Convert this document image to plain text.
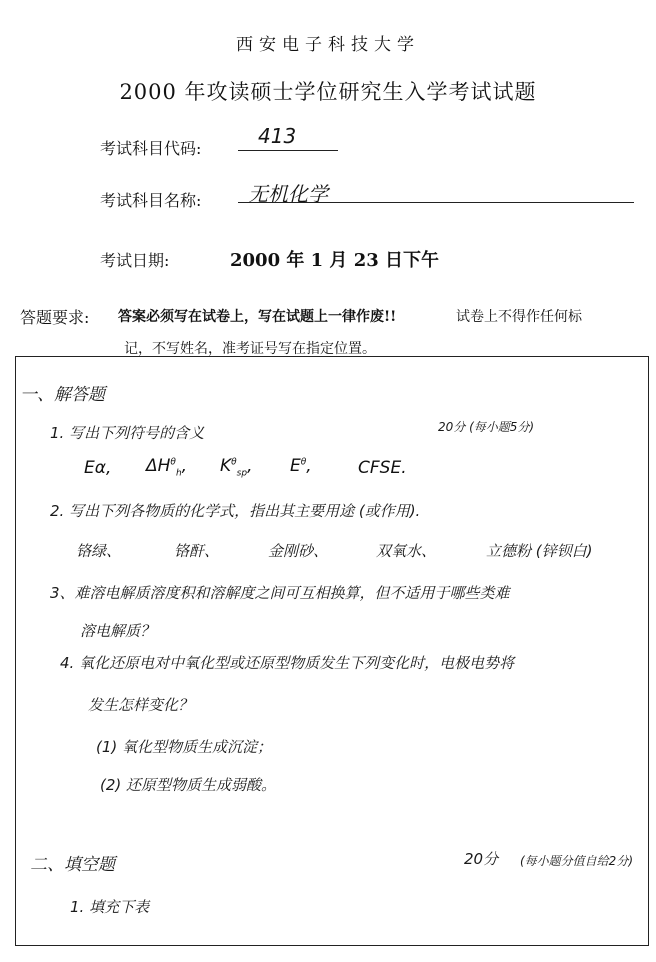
西安电子科技大学
2000 年攻读硕士学位研究生入学考试试题
考试科目代码:
413
考试科目名称: 无机化学
考试日期:	2000 年 1 月 23 日下午
答题要求: 答案必须写在试卷上，写在试题上一律作废!!	试卷上不得作任何标
记，不写姓名，准考证号写在指定位置。
一、解答题
1. 写出下列符号的含义	20分 (每小题5分)
Eα, $\Delta H^\theta_h$, $K^\theta_{sp}$, $E^\theta$,	CFSE.
2. 写出下列各物质的化学式，指出其主要用途 (或作用).
铬绿、	铬酐、	金刚砂、	双氧水、	立德粉 (锌钡白)
3、难溶电解质溶度积和溶解度之间可互相换算，但不适用于哪些类难
溶电解质？
4. 氧化还原电对中氧化型或还原型物质发生下列变化时，电极电势将
发生怎样变化？
(1) 氧化型物质生成沉淀；
(2) 还原型物质生成弱酸。
二、填空题	20分 (每小题分值自给2分)
1. 填充下表
